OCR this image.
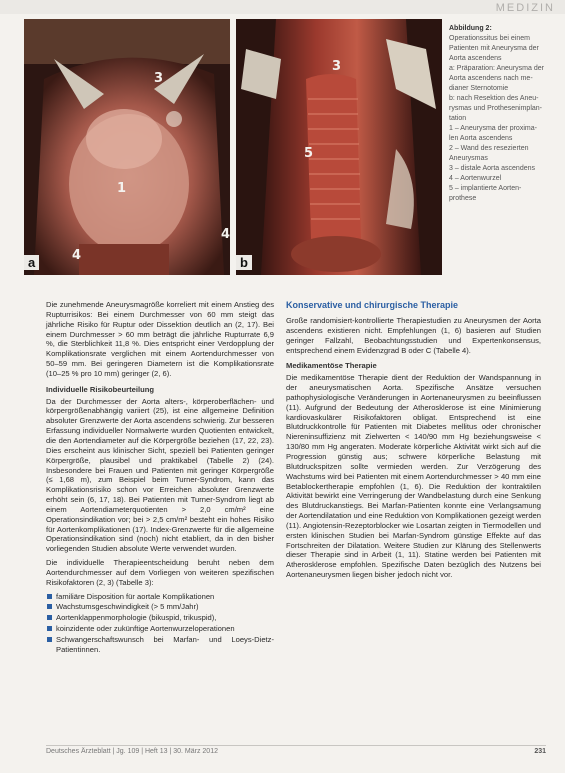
MEDIZIN
3
1
4
a
3
5
4
b
Abbildung 2:
Operationssitus bei einem
Patienten mit Aneurysma der
Aorta ascendens
a: Präparation: Aneurysma der
Aorta ascendens nach me-
dianer Sternotomie
b: nach Resektion des Aneu-
rysmas und Prothesenimplan-
tation
1 – Aneurysma der proxima-
len Aorta ascendens
2 – Wand des resezierten
Aneurysmas
3 – distale Aorta ascendens
4 – Aortenwurzel
5 – implantierte Aorten-
prothese

Die zunehmende Aneurysmagröße korreliert mit einem Anstieg des Rupturrisikos: Bei einem Durchmesser von 60 mm steigt das jährliche Risiko für Ruptur oder Dissektion deutlich an (2, 17). Bei einem Durchmesser > 60 mm beträgt die jährliche Rupturrate 6,9 %, die Sterblichkeit 11,8 %. Dies entspricht einer Verdopplung der Komplikationsrate verglichen mit einem Aortendurchmesser von 50–59 mm. Bei geringeren Diametern ist die Komplikationsrate (10–25 % pro 10 mm) geringer (2, 6).

Individuelle Risikobeurteilung

Da der Durchmesser der Aorta alters-, körperoberflächen- und körpergrößenabhängig variiert (25), ist eine allgemeine Definition absoluter Grenzwerte der Aorta ascendens schwierig. Zur besseren Erfassung individueller Normalwerte wurden Quotienten entwickelt, die den Aortendiameter auf die Körpergröße beziehen (17, 22, 23). Dies erscheint aus klinischer Sicht, speziell bei Patienten geringer Körpergröße, plausibel und praktikabel (Tabelle 2) (24). Insbesondere bei Frauen und Patienten mit geringer Körpergröße (≤ 1,68 m), zum Beispiel beim Turner-Syndrom, kann das Komplikationsrisiko schon vor Erreichen absoluter Grenzwerte erhöht sein (6, 17, 18). Bei Patienten mit Turner-Syndrom liegt ab einem Aortendiameterquotienten > 2,0 cm/m² eine Operationsindikation vor; bei > 2,5 cm/m² besteht ein hohes Risiko für Aortenkomplikationen (17). Index-Grenzwerte für die allgemeine Operationsindikation sind (noch) nicht etabliert, da in den bisher vorliegenden Studien absolute Werte verwendet wurden.

Die individuelle Therapieentscheidung beruht neben dem Aortendurchmesser auf dem Vorliegen von weiteren spezifischen Risikofaktoren (2, 3) (Tabelle 3):

familiäre Disposition für aortale Komplikationen
Wachstumsgeschwindigkeit (> 5 mm/Jahr)
Aortenklappenmorphologie (bikuspid, trikuspid),
koinzidente oder zukünftige Aortenwurzeloperationen
Schwangerschaftswunsch bei Marfan- und Loeys-Dietz-Patientinnen.
Konservative und chirurgische Therapie

Große randomisiert-kontrollierte Therapiestudien zu Aneurysmen der Aorta ascendens existieren nicht. Empfehlungen (1, 6) basieren auf Studien geringer Fallzahl, Beobachtungsstudien und Expertenkonsensus, entsprechend einem Evidenzgrad B oder C (Tabelle 4).

Medikamentöse Therapie

Die medikamentöse Therapie dient der Reduktion der Wandspannung in der aneurysmatischen Aorta. Spezifische Ansätze versuchen pathophysiologische Veränderungen in Aortenaneurysmen zu beeinflussen (11). Aufgrund der Bedeutung der Atherosklerose ist eine Minimierung kardiovaskulärer Risikofaktoren obligat. Entsprechend ist eine Blutdruckkontrolle für Patienten mit Diabetes mellitus oder chronischer Niereninsuffizienz mit Zielwerten < 140/90 mm Hg beziehungsweise < 130/80 mm Hg angeraten. Moderate körperliche Aktivität wirkt sich auf die Progression günstig aus; schwere körperliche Belastung mit Blutdruckspitzen sollte vermieden werden. Zur Verzögerung des Wachstums wird bei Patienten mit einem Aortendurchmesser > 40 mm eine Betablockertherapie empfohlen (1, 6). Die Reduktion der kontraktilen Aktivität bewirkt eine Verringerung der Wandbelastung durch eine Senkung des Blutdruckanstiegs. Bei Marfan-Patienten konnte eine Verlangsamung der Aortendilatation und eine Reduktion von Komplikationen gezeigt werden (11). Angiotensin-Rezeptorblocker wie Losartan zeigten in Tiermodellen und ersten klinischen Studien bei Marfan-Syndrom günstige Effekte auf das Fortschreiten der Dilatation. Weitere Studien zur Klärung des Stellenwerts dieser Therapie sind in Arbeit (1, 11). Statine werden bei Patienten mit Atherosklerose empfohlen. Spezifische Daten bezüglich des Nutzens bei Aortenaneurysmen liegen bisher jedoch nicht vor.

Deutsches Ärzteblatt | Jg. 109 | Heft 13 | 30. März 2012	231
